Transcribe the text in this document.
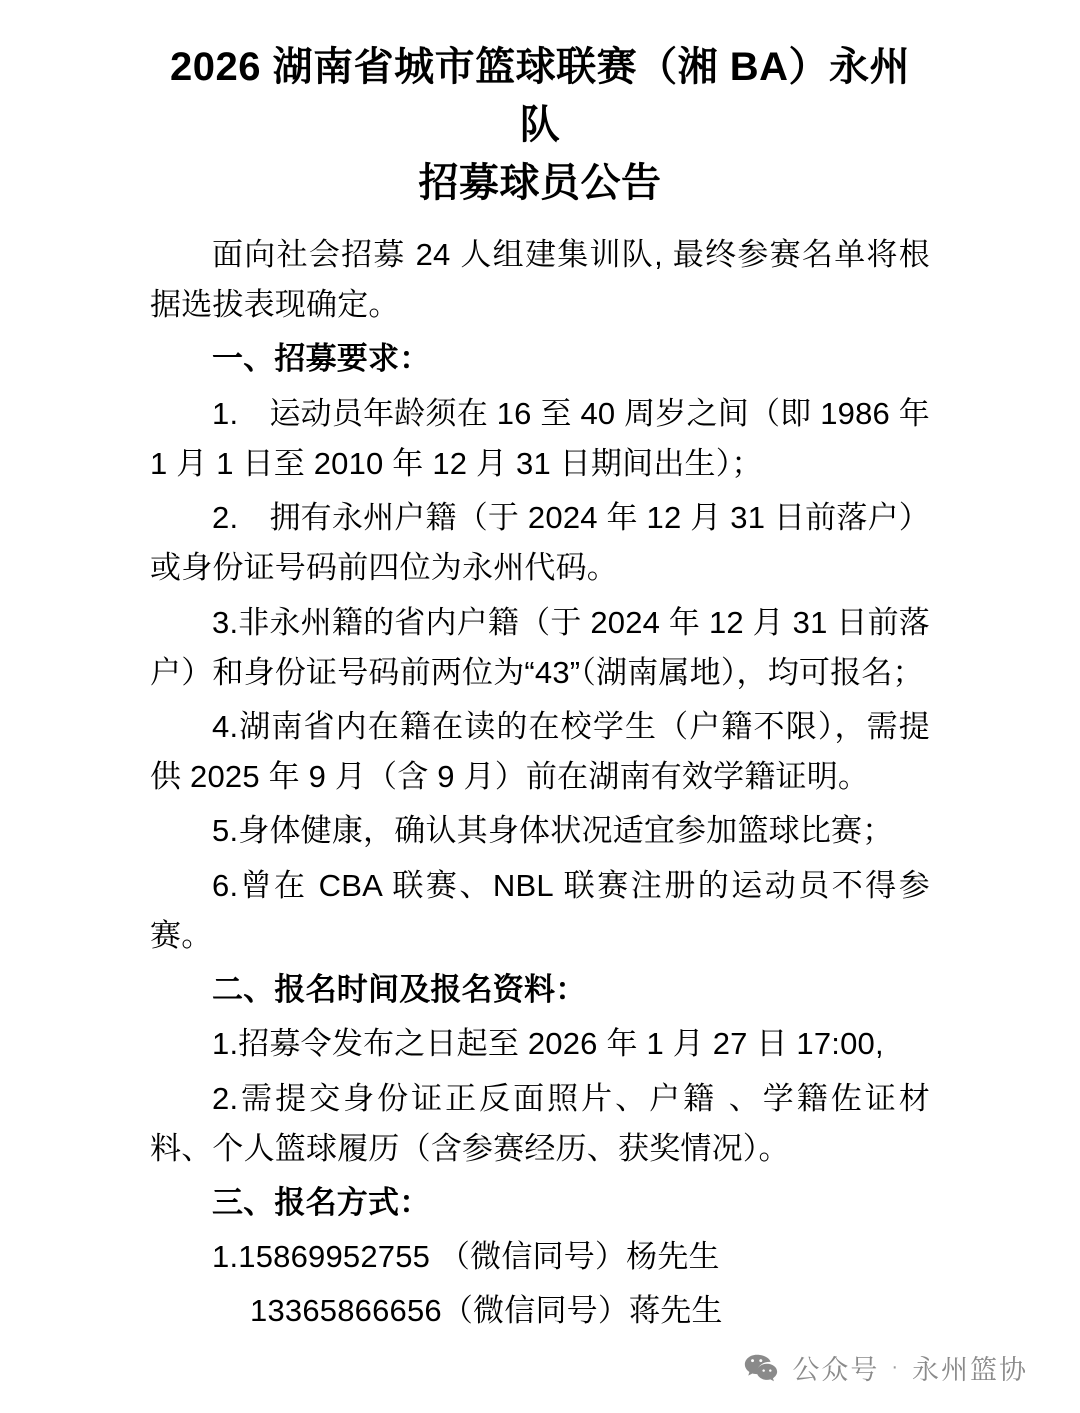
2026 湖南省城市篮球联赛（湘 BA）永州队
招募球员公告

面向社会招募 24 人组建集训队, 最终参赛名单将根据选拔表现确定。

一、招募要求：

1.　运动员年龄须在 16 至 40 周岁之间（即 1986 年 1 月 1 日至 2010 年 12 月 31 日期间出生）；

2.　拥有永州户籍（于 2024 年 12 月 31 日前落户）或身份证号码前四位为永州代码。

3.非永州籍的省内户籍（于 2024 年 12 月 31 日前落户）和身份证号码前两位为“43”（湖南属地），均可报名；

4.湖南省内在籍在读的在校学生（户籍不限），需提供 2025 年 9 月（含 9 月）前在湖南有效学籍证明。

5.身体健康，确认其身体状况适宜参加篮球比赛；

6.曾在 CBA 联赛、NBL 联赛注册的运动员不得参赛。

二、报名时间及报名资料：

1.招募令发布之日起至 2026 年 1 月 27 日 17:00,

2.需提交身份证正反面照片、户籍 、学籍佐证材料、个人篮球履历（含参赛经历、获奖情况）。

三、报名方式：

1.15869952755 （微信同号）杨先生

13365866656（微信同号）蒋先生

公众号 · 永州篮协
